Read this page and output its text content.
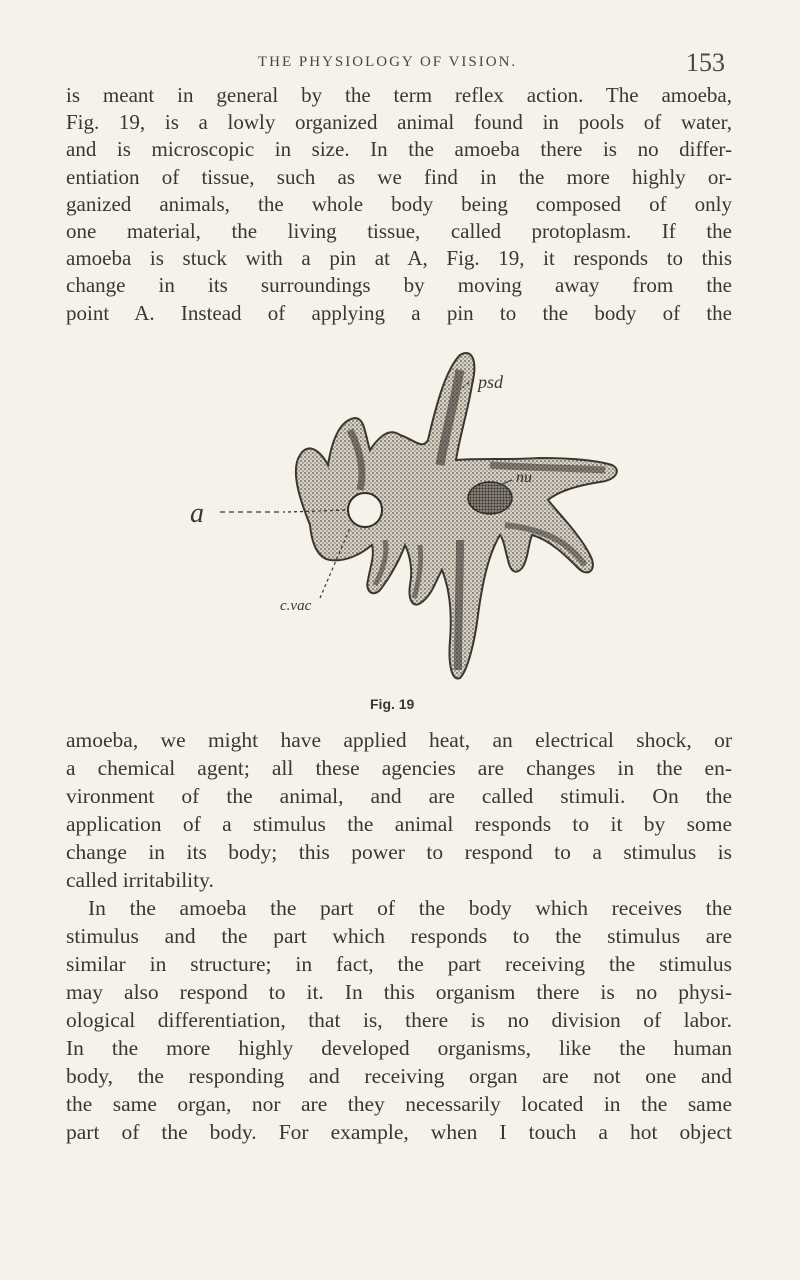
THE PHYSIOLOGY OF VISION.	153
is meant in general by the term reflex action. The amoeba,
Fig. 19, is a lowly organized animal found in pools of water,
and is microscopic in size. In the amoeba there is no differ-
entiation of tissue, such as we find in the more highly or-
ganized animals, the whole body being composed of only
one material, the living tissue, called protoplasm. If the
amoeba is stuck with a pin at A, Fig. 19, it responds to this
change in its surroundings by moving away from the
point A. Instead of applying a pin to the body of the
a
psd
nu
c.vac
Fig. 19
amoeba, we might have applied heat, an electrical shock, or
a chemical agent; all these agencies are changes in the en-
vironment of the animal, and are called stimuli. On the
application of a stimulus the animal responds to it by some
change in its body; this power to respond to a stimulus is
called irritability.
In the amoeba the part of the body which receives the
stimulus and the part which responds to the stimulus are
similar in structure; in fact, the part receiving the stimulus
may also respond to it. In this organism there is no physi-
ological differentiation, that is, there is no division of labor.
In the more highly developed organisms, like the human
body, the responding and receiving organ are not one and
the same organ, nor are they necessarily located in the same
part of the body. For example, when I touch a hot object
